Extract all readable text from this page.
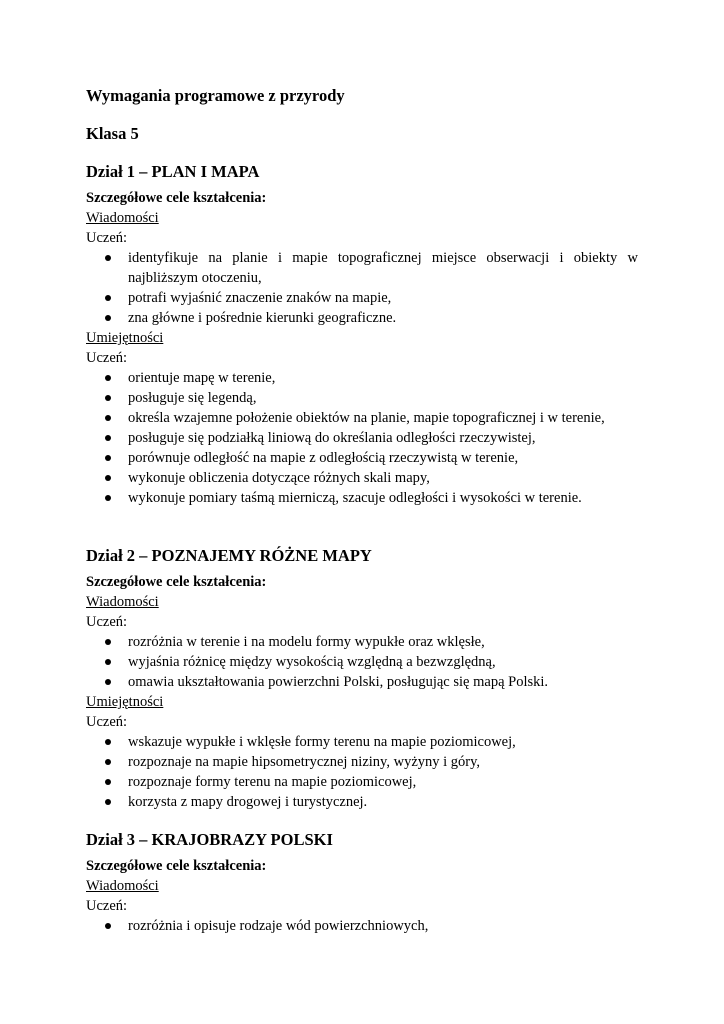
Wymagania programowe z przyrody
Klasa 5
Dział 1 – PLAN I MAPA
Szczegółowe cele kształcenia:
Wiadomości
Uczeń:
identyfikuje na planie i mapie topograficznej miejsce obserwacji i obiekty w najbliższym otoczeniu,
potrafi wyjaśnić znaczenie znaków na mapie,
zna główne i pośrednie kierunki geograficzne.
Umiejętności
Uczeń:
orientuje mapę w terenie,
posługuje się legendą,
określa wzajemne położenie obiektów na planie, mapie topograficznej i w terenie,
posługuje się podziałką liniową do określania odległości rzeczywistej,
porównuje odległość na mapie z odległością rzeczywistą w terenie,
wykonuje obliczenia dotyczące różnych skali mapy,
wykonuje pomiary taśmą mierniczą, szacuje odległości i wysokości w terenie.
Dział 2 – POZNAJEMY RÓŻNE MAPY
Szczegółowe cele kształcenia:
Wiadomości
Uczeń:
rozróżnia w terenie i na modelu formy wypukłe oraz wklęsłe,
wyjaśnia różnicę między wysokością względną a bezwzględną,
omawia ukształtowania powierzchni Polski, posługując się mapą Polski.
Umiejętności
Uczeń:
wskazuje wypukłe i wklęsłe formy terenu na mapie poziomicowej,
rozpoznaje na mapie hipsometrycznej niziny, wyżyny i góry,
rozpoznaje formy terenu na mapie poziomicowej,
korzysta z mapy drogowej i turystycznej.
Dział 3 – KRAJOBRAZY POLSKI
Szczegółowe cele kształcenia:
Wiadomości
Uczeń:
rozróżnia i opisuje rodzaje wód powierzchniowych,
